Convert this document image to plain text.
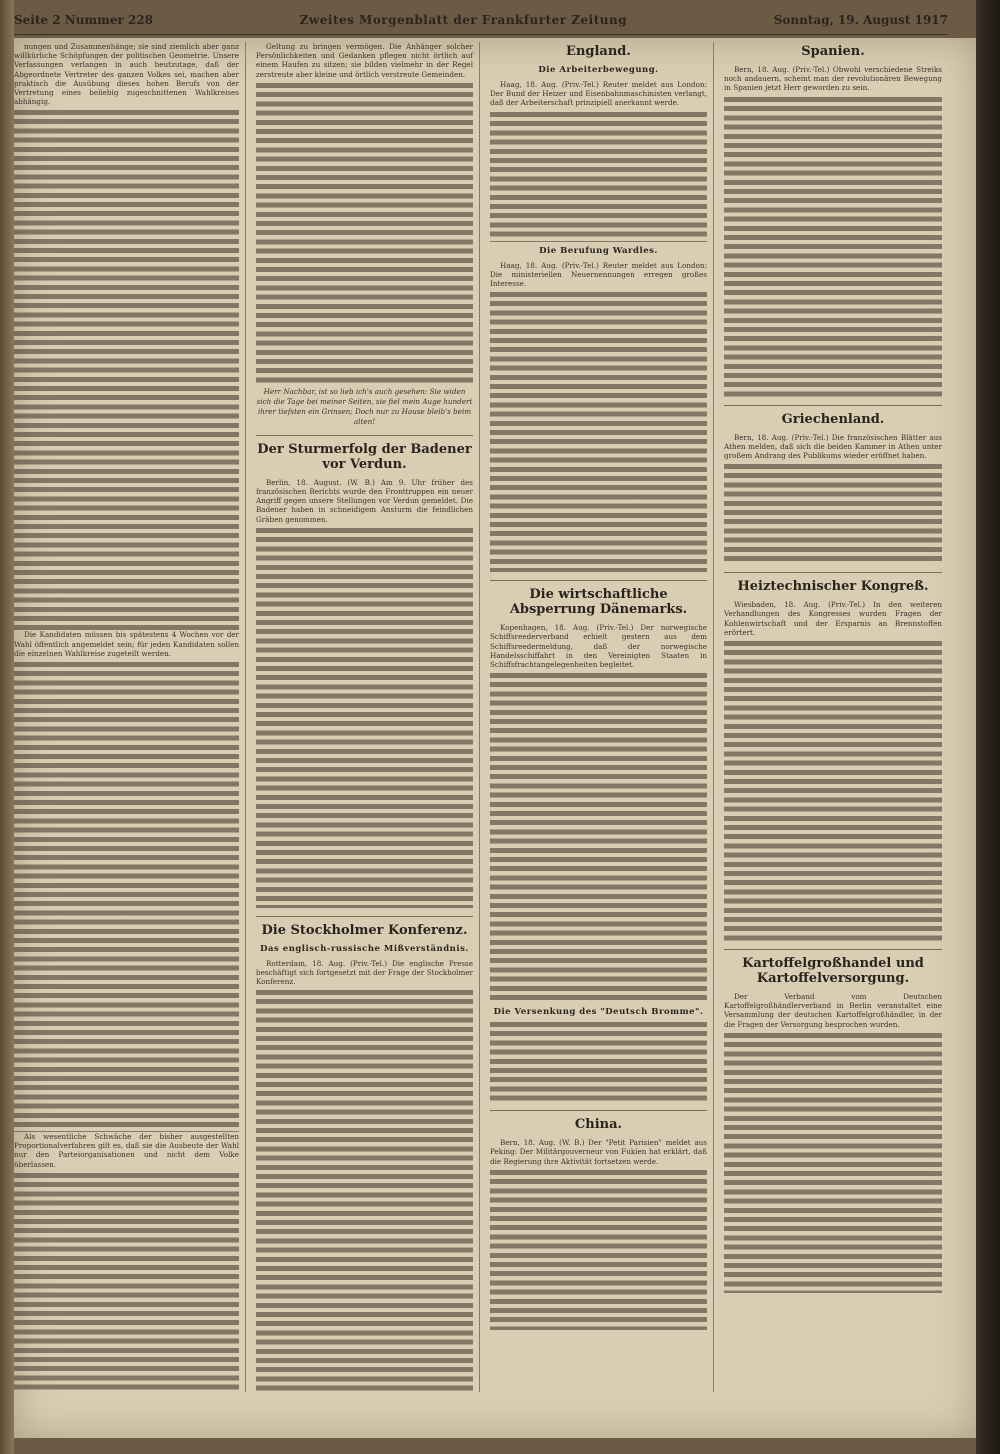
Seite 2 Nummer 228	Zweites Morgenblatt der Frankfurter Zeitung	Sonntag, 19. August 1917

nungen und Zusammenhänge; sie sind ziemlich aber ganz willkürliche Schöpfungen der politischen Geometrie. Unsere Verfassungen verlangen in auch heutzutage, daß der Abgeordnete Vertreter des ganzen Volkes sei, machen aber praktisch die Ausübung dieses hohen Berufs von der Vertretung eines beliebig zugeschnittenen Wahlkreises abhängig.

Die Kandidaten müssen bis spätestens 4 Wochen vor der Wahl öffentlich angemeldet sein; für jeden Kandidaten sollen die einzelnen Wahlkreise zugeteilt werden.

Als wesentliche Schwäche der bisher ausgestellten Proportionalverfahren gilt es, daß sie die Ausbeute der Wahl nur den Parteiorganisationen und nicht dem Volke überlassen.

Geltung zu bringen vermögen. Die Anhänger solcher Persönlichkeiten und Gedanken pflegen nicht örtlich auf einem Haufen zu sitzen; sie bilden vielmehr in der Regel zerstreute aber kleine und örtlich verstreute Gemeinden.

Herr Nachbar, ist so lieb ich's auch gesehen: Sie widen sich die Tage bei meiner Seiten, sie fiel mein Auge hundert ihrer tiefsten ein Grinsen; Doch nur zu Hause bleib's beim alten!

Der Sturmerfolg der Badener vor Verdun.

Berlin, 18. August. (W. B.) Am 9. Uhr früher des französischen Berichts wurde den Fronttruppen ein neuer Angriff gegen unsere Stellungen vor Verdun gemeldet. Die Badener haben in schneidigem Ansturm die feindlichen Gräben genommen.

Die Stockholmer Konferenz.
Das englisch-russische Mißverständnis.

Rotterdam, 18. Aug. (Priv.-Tel.) Die englische Presse beschäftigt sich fortgesetzt mit der Frage der Stockholmer Konferenz.

England.
Die Arbeiterbewegung.

Haag, 18. Aug. (Priv.-Tel.) Reuter meldet aus London: Der Bund der Heizer und Eisenbahnmaschinisten verlangt, daß der Arbeiterschaft prinzipiell anerkannt werde.

Die Berufung Wardles.

Haag, 18. Aug. (Priv.-Tel.) Reuter meldet aus London: Die ministeriellen Neuernennungen erregen großes Interesse.

Die wirtschaftliche Absperrung Dänemarks.

Kopenhagen, 18. Aug. (Priv.-Tel.) Der norwegische Schiffsreederverband erhielt gestern aus dem Schiffsreedermeldung, daß der norwegische Handelsschiffahrt in den Vereinigten Staaten in Schiffsfrachtangelegenheiten begleitet.

Die Versenkung des "Deutsch Bromme".
China.

Bern, 18. Aug. (W. B.) Der "Petit Parisien" meldet aus Peking: Der Militärgouverneur von Fukien hat erklärt, daß die Regierung ihre Aktivität fortsetzen werde.

Spanien.

Bern, 18. Aug. (Priv.-Tel.) Obwohl verschiedene Streiks noch andauern, scheint man der revolutionären Bewegung in Spanien jetzt Herr geworden zu sein.

Griechenland.

Bern, 18. Aug. (Priv.-Tel.) Die französischen Blätter aus Athen melden, daß sich die beiden Kammer in Athen unter großem Andrang des Publikums wieder eröffnet haben.

Heiztechnischer Kongreß.

Wiesbaden, 18. Aug. (Priv.-Tel.) In den weiteren Verhandlungen des Kongresses wurden Fragen der Kohlenwirtschaft und der Ersparnis an Brennstoffen erörtert.

Kartoffelgroßhandel und Kartoffelversorgung.

Der Verband vom Deutschen Kartoffelgroßhändlerverband in Berlin veranstaltet eine Versammlung der deutschen Kartoffelgroßhändler, in der die Fragen der Versorgung besprochen wurden.
